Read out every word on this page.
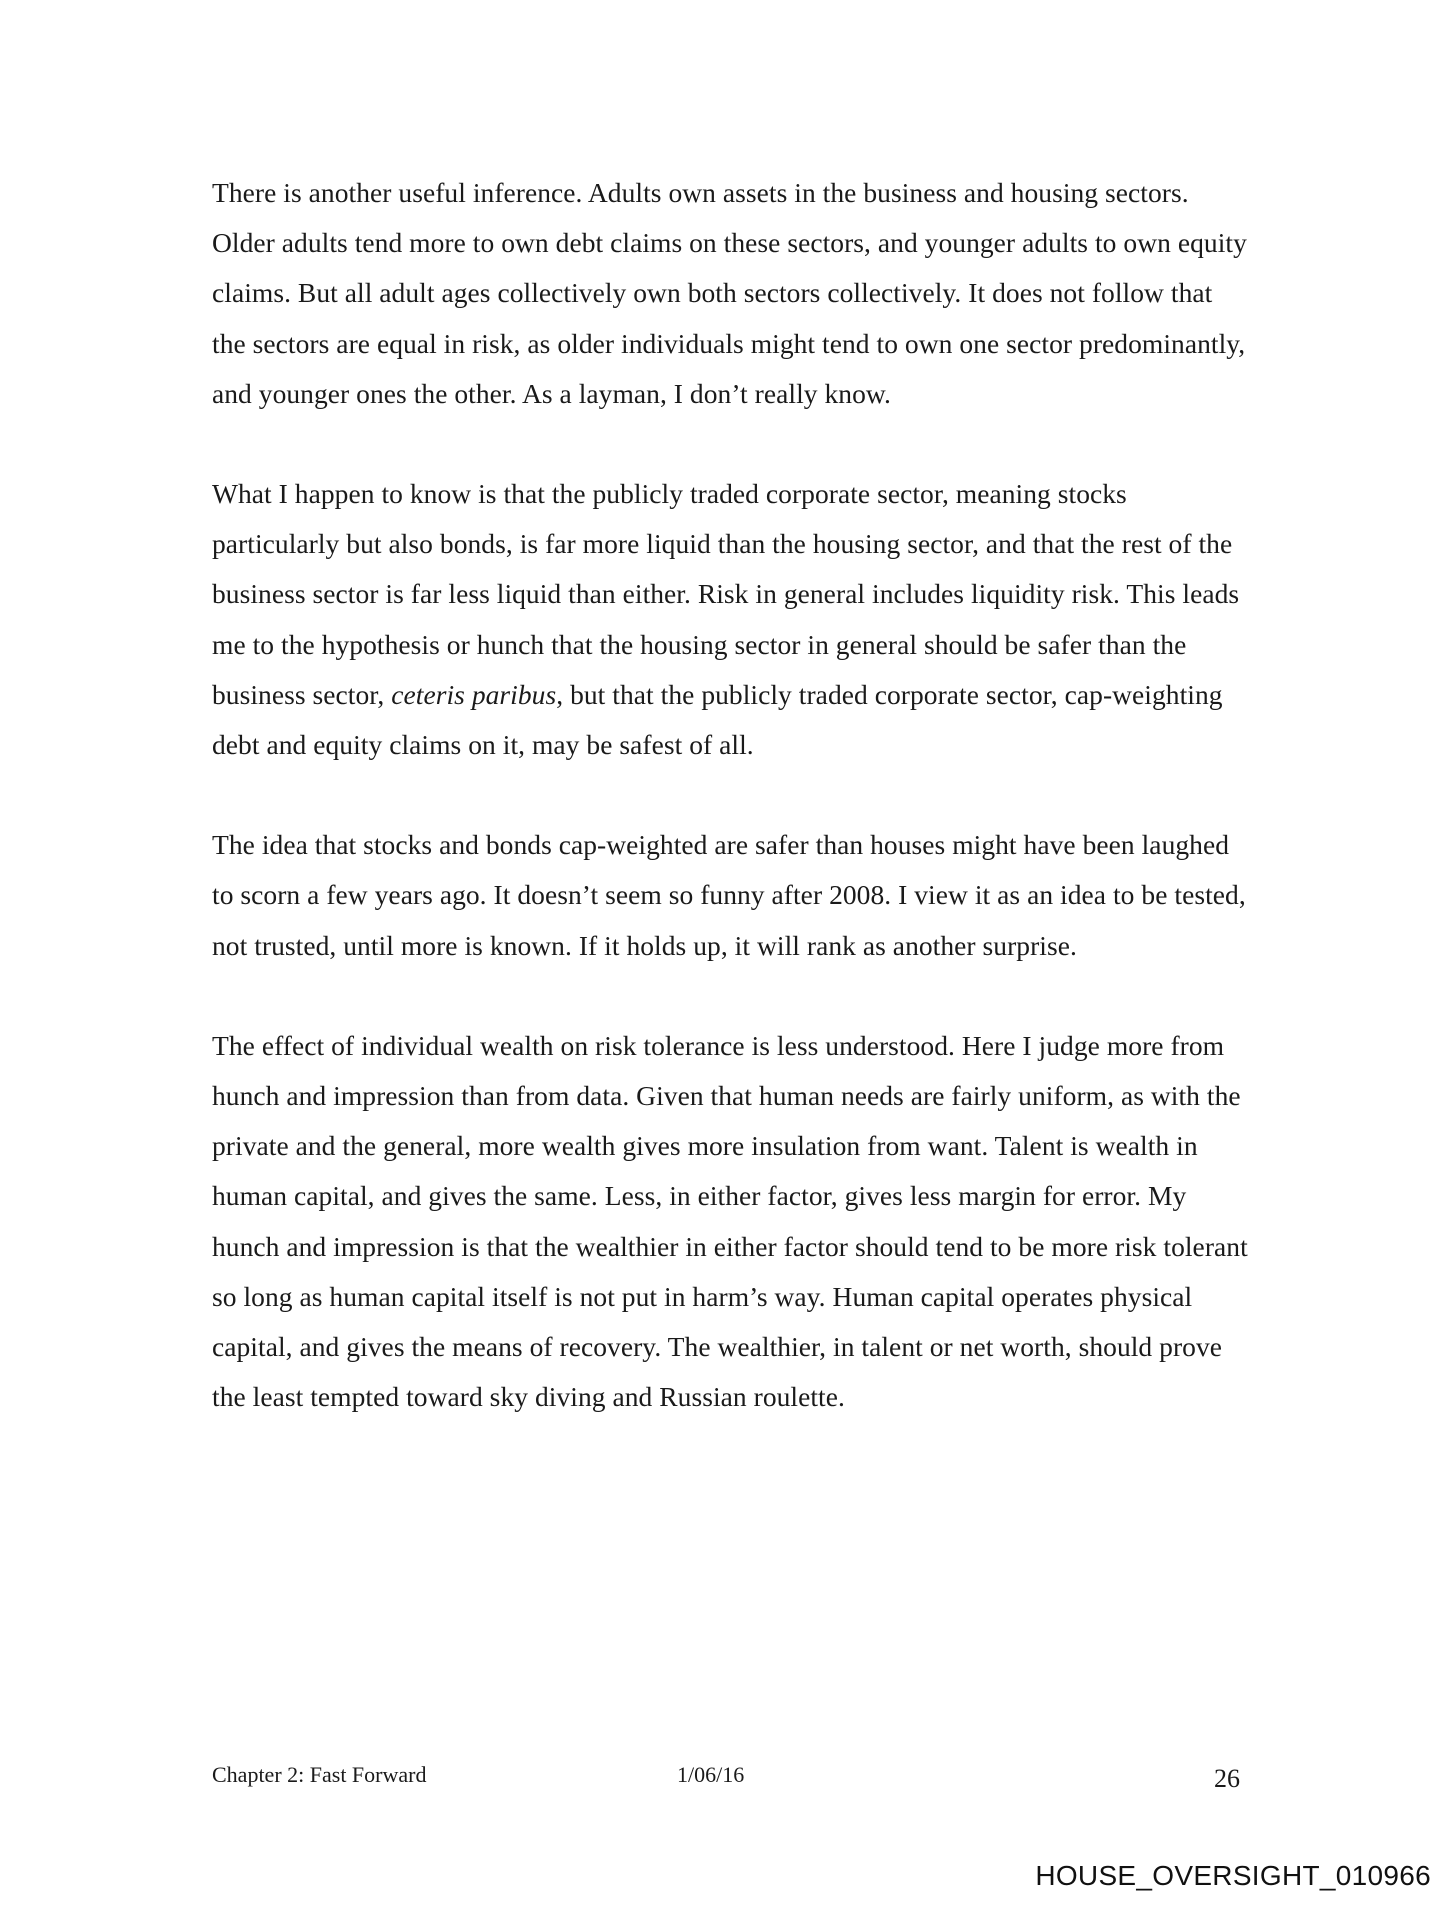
There is another useful inference. Adults own assets in the business and housing sectors. Older adults tend more to own debt claims on these sectors, and younger adults to own equity claims. But all adult ages collectively own both sectors collectively. It does not follow that the sectors are equal in risk, as older individuals might tend to own one sector predominantly, and younger ones the other. As a layman, I don’t really know.

What I happen to know is that the publicly traded corporate sector, meaning stocks particularly but also bonds, is far more liquid than the housing sector, and that the rest of the business sector is far less liquid than either. Risk in general includes liquidity risk. This leads me to the hypothesis or hunch that the housing sector in general should be safer than the business sector, ceteris paribus, but that the publicly traded corporate sector, cap-weighting debt and equity claims on it, may be safest of all.

The idea that stocks and bonds cap-weighted are safer than houses might have been laughed to scorn a few years ago. It doesn’t seem so funny after 2008. I view it as an idea to be tested, not trusted, until more is known. If it holds up, it will rank as another surprise.

The effect of individual wealth on risk tolerance is less understood. Here I judge more from hunch and impression than from data. Given that human needs are fairly uniform, as with the private and the general, more wealth gives more insulation from want. Talent is wealth in human capital, and gives the same. Less, in either factor, gives less margin for error. My hunch and impression is that the wealthier in either factor should tend to be more risk tolerant so long as human capital itself is not put in harm’s way. Human capital operates physical capital, and gives the means of recovery. The wealthier, in talent or net worth, should prove the least tempted toward sky diving and Russian roulette.

Chapter 2: Fast Forward	1/06/16	26
HOUSE_OVERSIGHT_010966
